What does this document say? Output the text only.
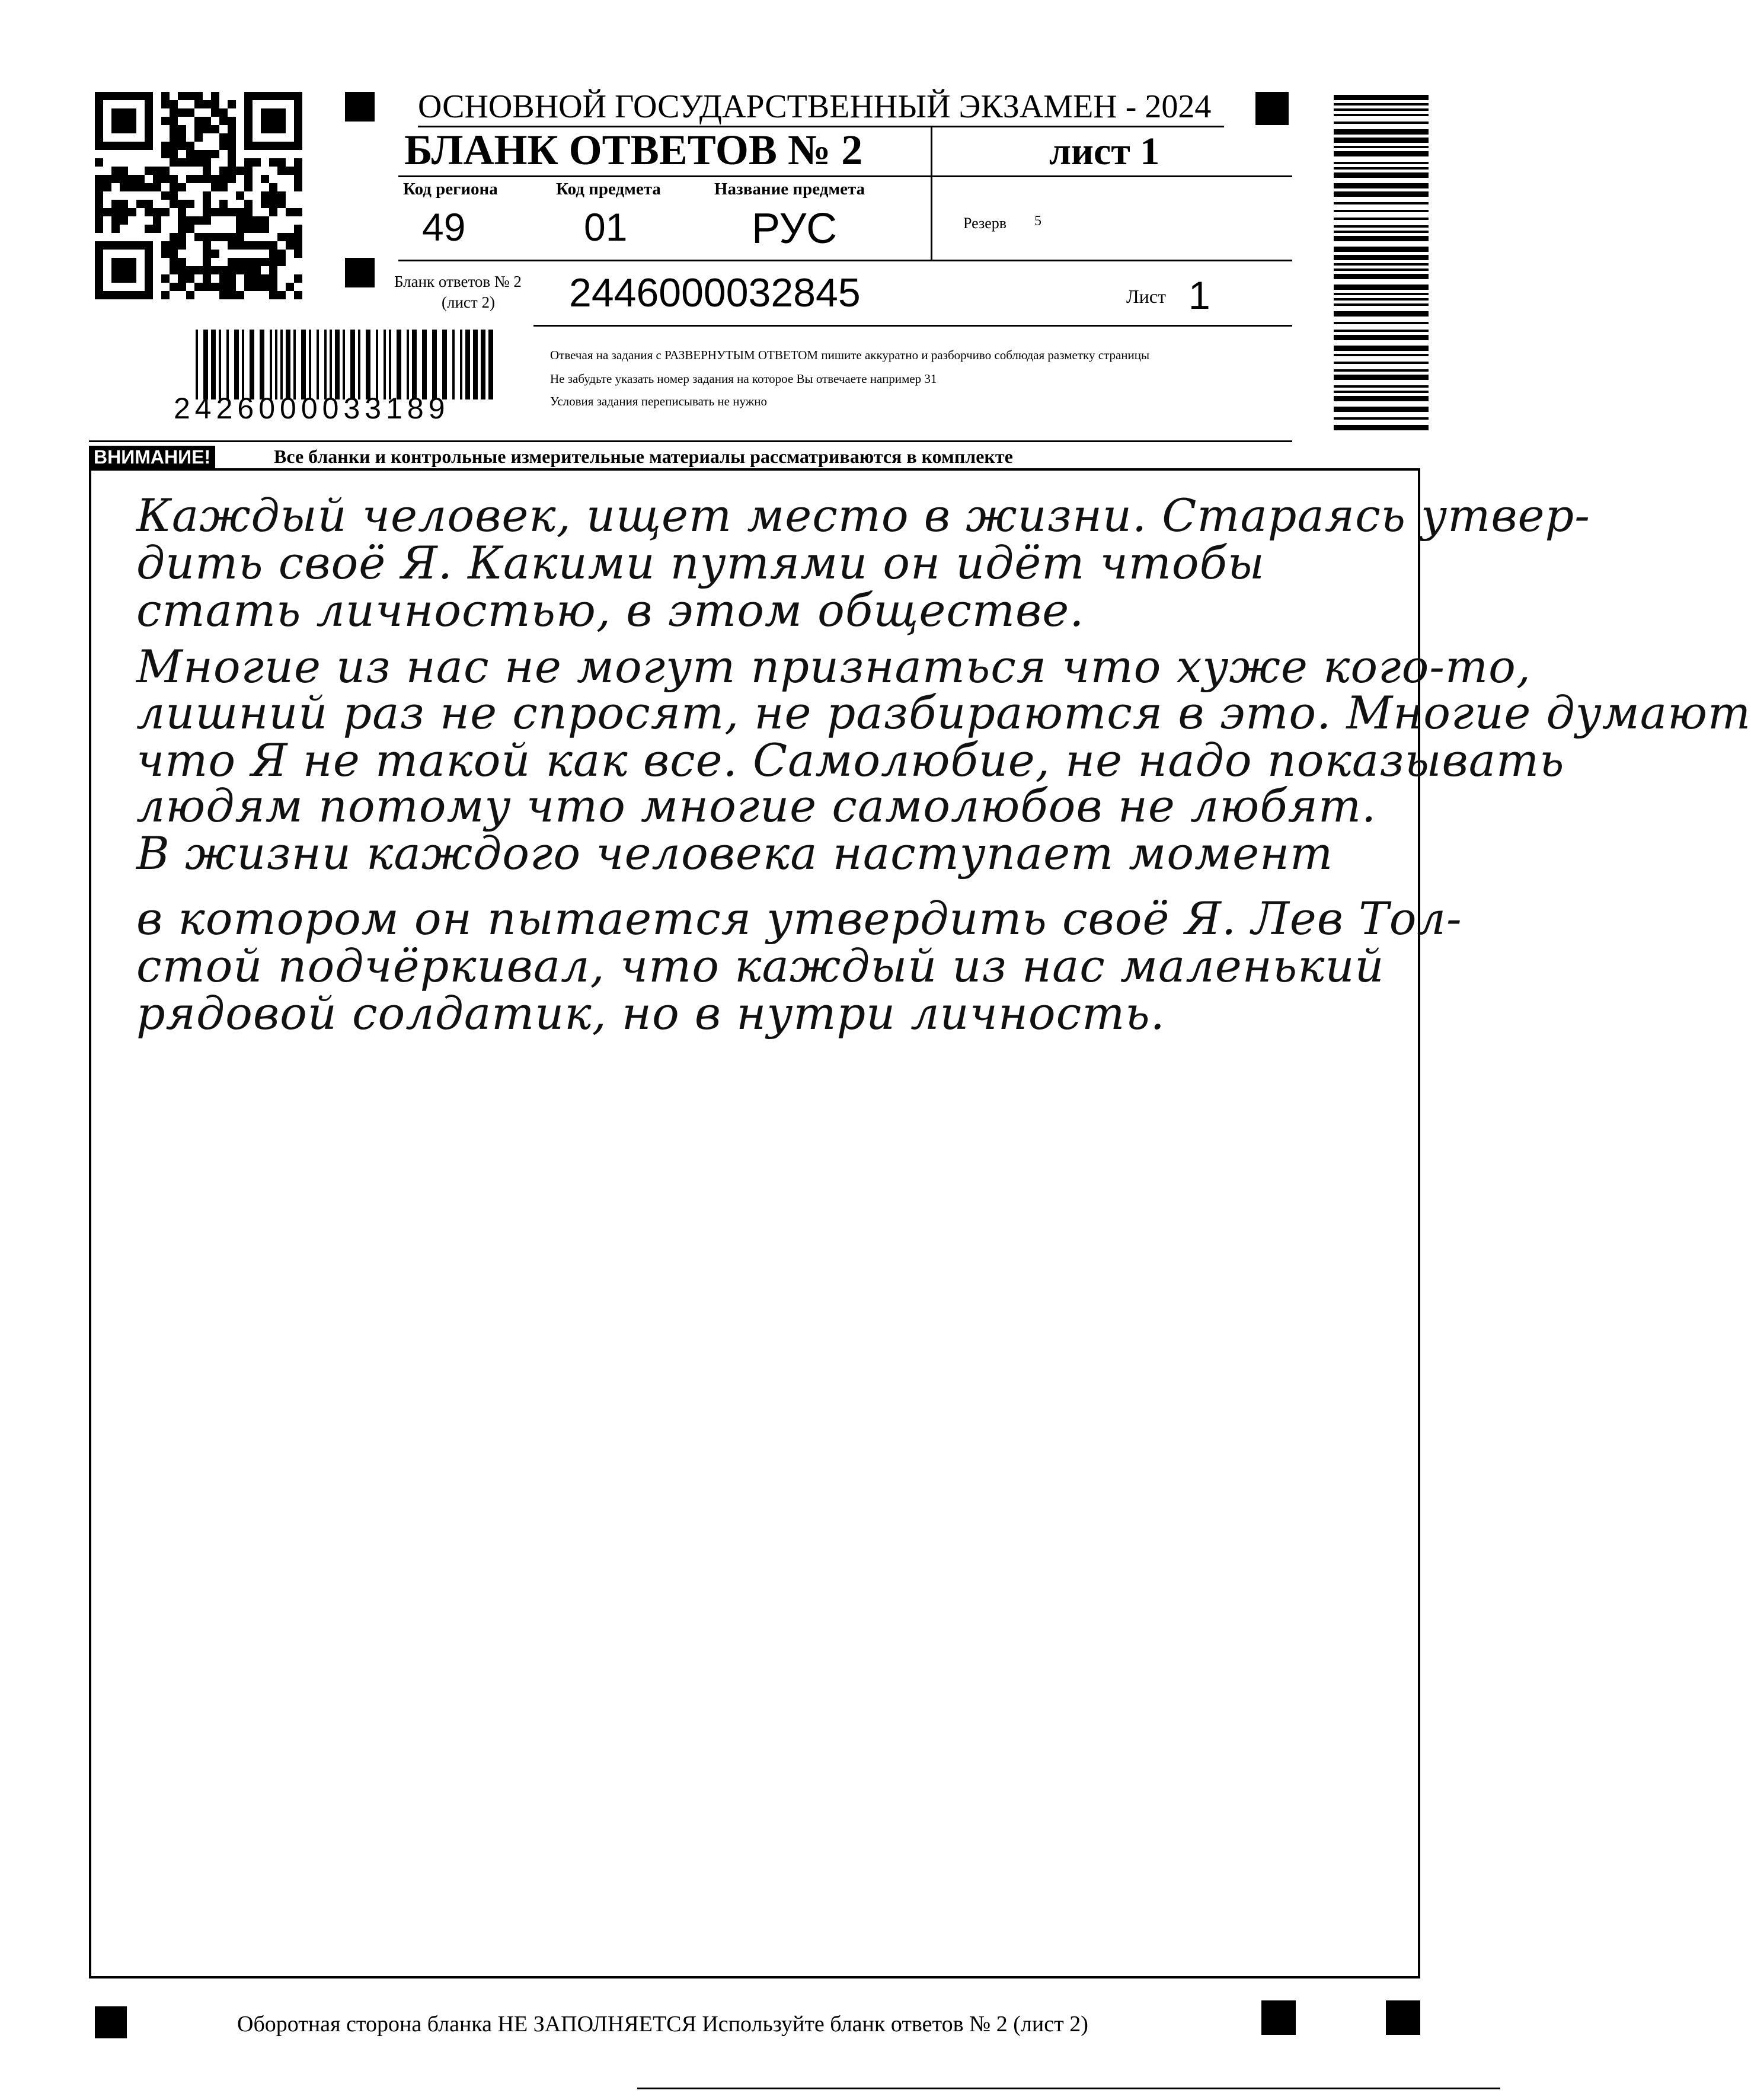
ОСНОВНОЙ ГОСУДАРСТВЕННЫЙ ЭКЗАМЕН - 2024
БЛАНК ОТВЕТОВ № 2	лист 1
Код региона
49
Код предмета
01
Название предмета
РУС	Резерв 5
Бланк ответов № 2
(лист 2) 2446000032845	Лист 1
2426000033189
Отвечая на задания с РАЗВЕРНУТЫМ ОТВЕТОМ пишите аккуратно и разборчиво соблюдая разметку страницы
Не забудьте указать номер задания на которое Вы отвечаете например 31
Условия задания переписывать не нужно
ВНИМАНИЕ!	Все бланки и контрольные измерительные материалы рассматриваются в комплекте
Каждый человек, ищет место в жизни. Стараясь утвер-
дить своё Я. Какими путями он идёт чтобы
стать личностью, в этом обществе.
Многие из нас не могут признаться что хуже кого-то,
лишний раз не спросят, не разбираются в это. Многие думают
что Я не такой как все. Самолюбие, не надо показывать
людям потому что многие самолюбов не любят.
В жизни каждого человека наступает момент
в котором он пытается утвердить своё Я. Лев Тол-
стой подчёркивал, что каждый из нас маленький
рядовой солдатик, но в нутри личность.
Оборотная сторона бланка НЕ ЗАПОЛНЯЕТСЯ Используйте бланк ответов № 2 (лист 2)
